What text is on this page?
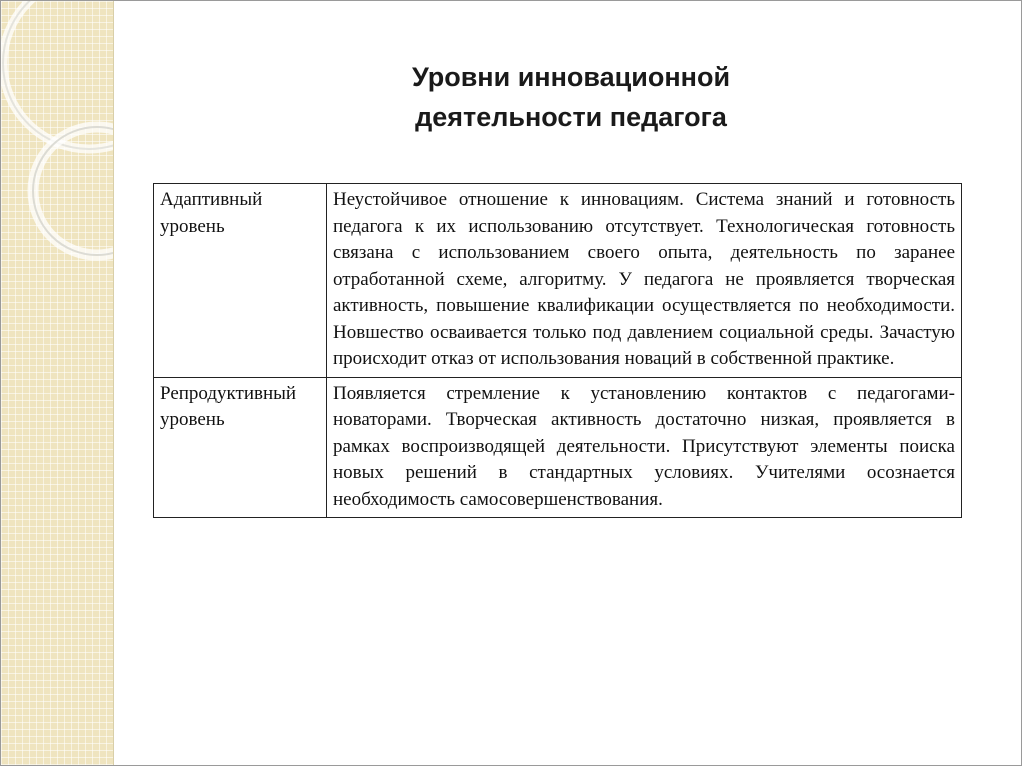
Уровни инновационной
деятельности педагога
Адаптивный уровень	Неустойчивое отношение к инновациям. Система знаний и готовность педагога к их использованию отсутствует. Технологическая готовность связана с использованием своего опыта, деятельность по заранее отработанной схеме, алгоритму. У педагога не проявляется творческая активность, повышение квалификации осуществляется по необходимости. Новшество осваивается только под давлением социальной среды. Зачастую происходит отказ от использования новаций в собственной практике.
Репродуктивный уровень	Появляется стремление к установлению контактов с педагогами-новаторами. Творческая активность достаточно низкая, проявляется в рамках воспроизводящей деятельности. Присутствуют элементы поиска новых решений в стандартных условиях. Учителями осознается необходимость самосовершенствования.
